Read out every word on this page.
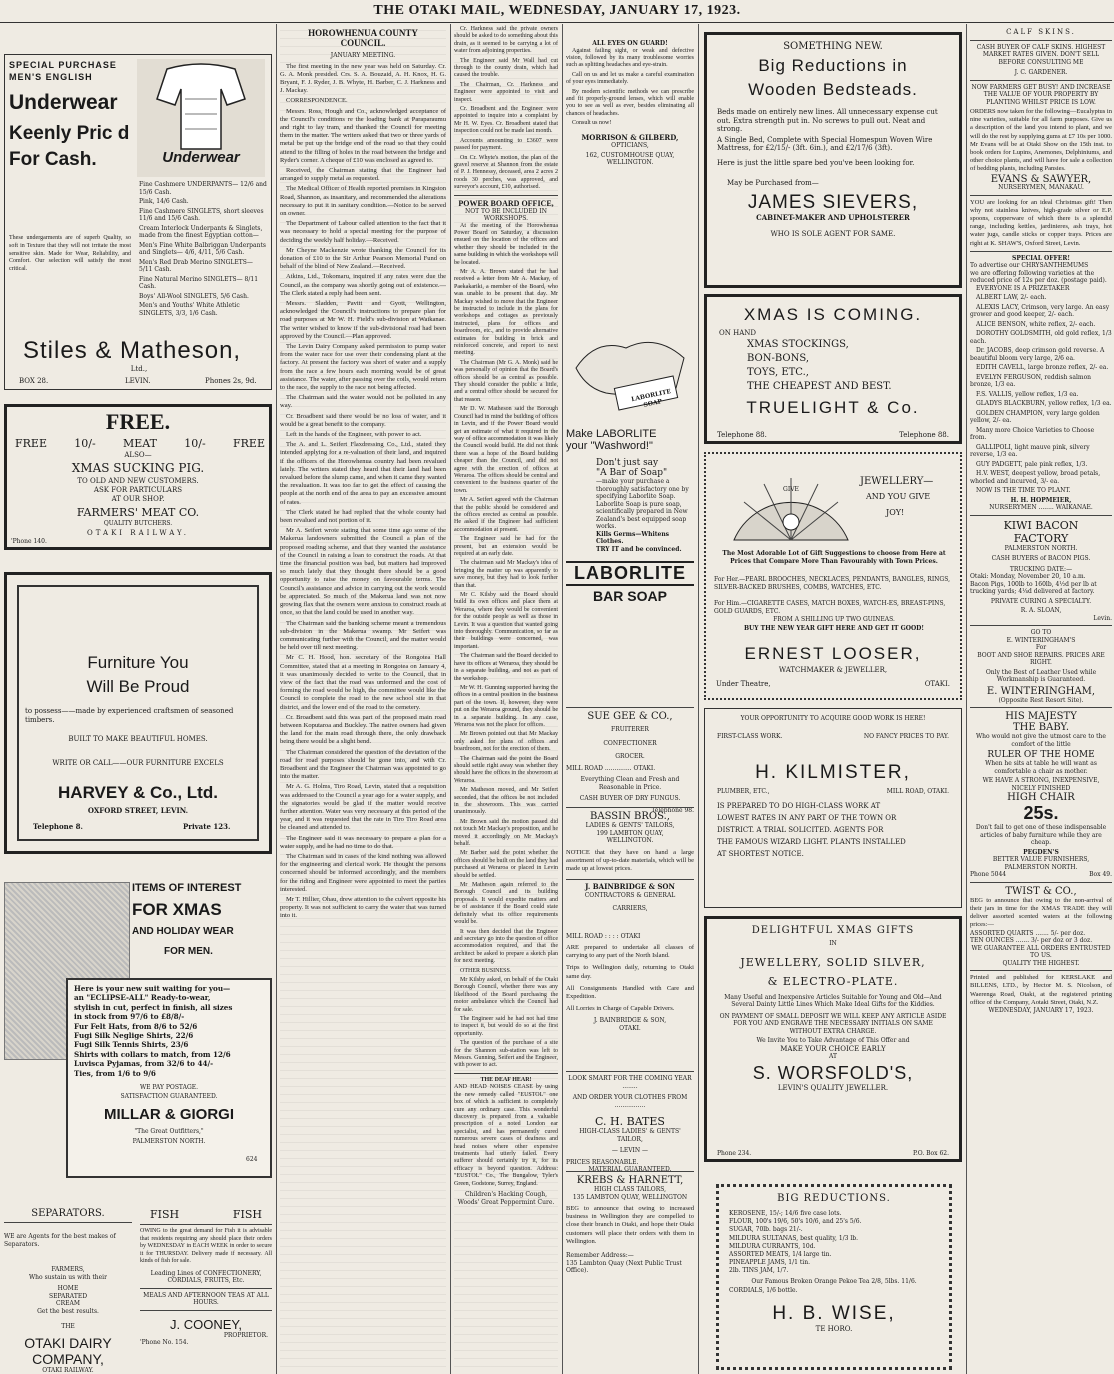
THE OTAKI MAIL, WEDNESDAY, JANUARY 17, 1923.
SPECIAL PURCHASE
MEN'S ENGLISH
Underwear
Keenly Pric d
For Cash.	Underwear
These undergarments are of superb Quality, so soft in Texture that they will not irritate the most sensitive skin. Made for Wear, Reliability, and Comfort. Our selection will satisfy the most critical.

Fine Cashmere UNDERPANTS— 12/6 and 15/6 Cash.

Pink, 14/6 Cash.

Fine Cashmere SINGLETS, short sleeves 11/6 and 15/6 Cash.

Cream Interlock Underpants & Singlets, made from the finest Egyptian cotton—

Men's Fine White Balbriggan Underpants and Singlets— 4/6, 4/11, 5/6 Cash.

Men's Red Drab Merino SINGLETS— 5/11 Cash.

Fine Natural Merino SINGLETS— 8/11 Cash.

Boys' All-Wool SINGLETS, 5/6 Cash.

Men's and Youths' White Athletic SINGLETS, 3/3, 1/6 Cash.

Stiles & Matheson,
Ltd.,
BOX 28.	LEVIN.	Phones 2s, 9d.
FREE.
FREE 10/- MEAT 10/- FREE
ALSO—
XMAS SUCKING PIG.
TO OLD AND NEW CUSTOMERS.
ASK FOR PARTICULARS
AT OUR SHOP.
FARMERS' MEAT CO.
QUALITY BUTCHERS.
OTAKI RAILWAY.
'Phone 140.
Furniture You
Will Be Proud
to possess——made by experienced craftsmen of seasoned timbers.
BUILT TO MAKE BEAUTIFUL HOMES.
WRITE OR CALL——OUR FURNITURE EXCELS
HARVEY & Co., Ltd.
OXFORD STREET, LEVIN.
Telephone 8.	Private 123.
ITEMS OF INTEREST
FOR XMAS
AND HOLIDAY WEAR
FOR MEN.
Here is your new suit waiting for you—
an "ECLIPSE-ALL" Ready-to-wear,
stylish in cut, perfect in finish, all sizes
in stock from 97/6 to £8/8/-
Fur Felt Hats, from 8/6 to 52/6
Fugi Silk Neglige Shirts, 22/6
Fugi Silk Tennis Shirts, 23/6
Shirts with collars to match, from 12/6
Luvisca Pyjamas, from 32/6 to 44/-
Ties, from 1/6 to 9/6
WE PAY POSTAGE.
SATISFACTION GUARANTEED.
MILLAR & GIORGI
"The Great Outfitters,"
PALMERSTON NORTH.
624
SEPARATORS.
WE are Agents for the best makes of Separators.
FARMERS,
Who sustain us with their
HOME
SEPARATED
CREAM
Get the best results.
THE
OTAKI DAIRY
COMPANY,
OTAKI RAILWAY.
FISH	FISH
OWING to the great demand for Fish it is advisable that residents requiring any should place their orders by WEDNESDAY in EACH WEEK in order to secure it for THURSDAY. Delivery made if necessary. All kinds of fish for sale.
Leading Lines of CONFECTIONERY, CORDIALS, FRUITS, Etc.
MEALS AND AFTERNOON TEAS AT ALL HOURS.
J. COONEY,
PROPRIETOR.
'Phone No. 154.
HOROWHENUA COUNTY
COUNCIL.
JANUARY MEETING.

The first meeting in the new year was held on Saturday. Cr. G. A. Monk presided. Crs. S. A. Bouzaid, A. H. Knox, H. G. Bryant, F. J. Ryder, J. B. Whyte, H. Barber, C. J. Harkness and J. Mackay.

CORRESPONDENCE.

Messrs. Ross, Hough and Co., acknowledged acceptance of the Council's conditions re the loading bank at Paraparaumu and right to lay tram, and thanked the Council for meeting them in the matter. The writers asked that two or three yards of metal be put up the bridge end of the road so that they could attend to the filling of holes in the road between the bridge and Ryder's corner. A cheque of £10 was enclosed as agreed to.

Received, the Chairman stating that the Engineer had arranged to supply metal as requested.

The Medical Officer of Health reported premises in Kingston Road, Shannon, as insanitary, and recommended the alterations necessary to put it in sanitary condition.—Notice to be served on owner.

The Department of Labour called attention to the fact that it was necessary to hold a special meeting for the purpose of deciding the weekly half holiday.—Received.

Mr Cheyne Mackenzie wrote thanking the Council for its donation of £10 to the Sir Arthur Pearson Memorial Fund on behalf of the blind of New Zealand.—Received.

Atkins, Ltd., Tokomaru, inquired if any rates were due the Council, as the company was shortly going out of existence.—The Clerk stated a reply had been sent.

Messrs. Sladden, Pavitt and Gyott, Wellington, acknowledged the Council's instructions to prepare plan for road purposes at Mr W. H. Field's sub-division at Waikanae. The writer wished to know if the sub-divisional road had been approved by the Council.—Plan approved.

The Levin Dairy Company asked permission to pump water from the water race for use over their condensing plant at the factory. At present the factory was short of water and a supply from the race a few hours each morning would be of great assistance. The water, after passing over the coils, would return to the race, the supply to the race not being affected.

The Chairman said the water would not be polluted in any way.

Cr. Broadbent said there would be no loss of water, and it would be a great benefit to the company.

Left in the hands of the Engineer, with power to act.

The A. and L. Seifert Flaxdressing Co., Ltd., stated they intended applying for a re-valuation of their land, and inquired if the officers of the Horowhenua country had been revalued lately. The writers stated they heard that their land had been revalued before the slump came, and when it came they wanted the revaluation. It was too far to get the effect of causing the people at the north end of the area to pay an excessive amount of rates.

The Clerk stated he had replied that the whole county had been revalued and not portion of it.

Mr A. Seifert wrote stating that some time ago some of the Makerua landowners submitted the Council a plan of the proposed roading scheme, and that they wanted the assistance of the Council in raising a loan to construct the roads. At that time the financial position was bad, but matters had improved so much lately that they thought there should be a good opportunity to raise the money on favourable terms. The Council's assistance and advice in carrying out the work would be appreciated. So much of the Makerua land was not now growing flax that the owners were anxious to construct roads at once, so that the land could be used in another way.

The Chairman said the banking scheme meant a tremendous sub-division in the Makerua swamp. Mr Seifert was communicating further with the Council, and the matter would be held over till next meeting.

Mr C. H. Hood, hon. secretary of the Rongotea Hall Committee, stated that at a meeting in Rongotea on January 4, it was unanimously decided to write to the Council, that in view of the fact that the road was unformed and the cost of forming the road would be high, the committee would like the Council to complete the road to the new school site in that district, and the lower end of the road to the cemetery.

Cr. Broadbent said this was part of the proposed main road between Koputaroa and Buckley. The native owners had given the land for the main road through there, the only drawback being there would be a slight bend.

The Chairman considered the question of the deviation of the road for road purposes should be gone into, and with Cr. Broadbent and the Engineer the Chairman was appointed to go into the matter.

Mr A. G. Holms, Tiro Road, Levin, stated that a requisition was addressed to the Council a year ago for a water supply, and the signatories would be glad if the matter would receive further attention. Water was very necessary at this period of the year, and it was requested that the rate in Tiro Tiro Road area be cleaned and attended to.

The Engineer said it was necessary to prepare a plan for a water supply, and he had no time to do that.

The Chairman said in cases of the kind nothing was allowed for the engineering and clerical work. He thought the persons concerned should be informed accordingly, and the members for the riding and Engineer were appointed to meet the parties interested.

Mr T. Hillier, Ohau, drew attention to the culvert opposite his property. It was not sufficient to carry the water that was turned into it.

Cr. Harkness said the private owners should be asked to do something about this drain, as it seemed to be carrying a lot of water from adjoining properties.

The Engineer said Mr Wall had cut through to the county drain, which had caused the trouble.

The Chairman, Cr. Harkness and Engineer were appointed to visit and inspect.

Cr. Broadbent and the Engineer were appointed to inquire into a complaint by Mr H. W. Eyes. Cr. Broadbent stated that inspection could not be made last month.

Accounts amounting to £3607 were passed for payment.

On Cr. Whyte's motion, the plan of the gravel reserve at Shannon from the estate of P. J. Hennessy, deceased, area 2 acres 2 roods 30 perches, was approved, and surveyor's account, £10, authorised.

POWER BOARD OFFICE,
NOT TO BE INCLUDED IN WORKSHOPS.

At the meeting of the Horowhenua Power Board on Saturday, a discussion ensued on the location of the offices and whether they should be included in the same building in which the workshops will be located.

Mr A. A. Brown stated that he had received a letter from Mr A. Mackay, of Paekakariki, a member of the Board, who was unable to be present that day. Mr Mackay wished to move that the Engineer be instructed to include in the plans for workshops and cottages as previously instructed, plans for offices and boardroom, etc., and to provide alternative estimates for building in brick and reinforced concrete, and report to next meeting.

The Chairman (Mr G. A. Monk) said he was personally of opinion that the Board's offices should be as central as possible. They should consider the public a little, and a central office should be secured for that reason.

Mr D. W. Matheson said the Borough Council had in mind the building of offices in Levin, and if the Power Board would get an estimate of what it required in the way of office accommodation it was likely the Council would build. He did not think there was a hope of the Board building cheaper than the Council, and did not agree with the erection of offices at Weraroa. The offices should be central and convenient to the business quarter of the town.

Mr A. Seifert agreed with the Chairman that the public should be considered and the offices erected as central as possible. He asked if the Engineer had sufficient accommodation at present.

The Engineer said he had for the present, but an extension would be required at an early date.

The chairman said Mr Mackay's idea of bringing the matter up was apparently to save money, but they had to look further than that.

Mr C. Kilsby said the Board should build its own offices and place them at Weraroa, where they would be convenient for the outside people as well as those in Levin. It was a question that wanted going into thoroughly. Communication, so far as their buildings were concerned, was important.

The Chairman said the Board decided to have its offices at Weraroa, they should be in a separate building, and not as part of the workshop.

Mr W. H. Gunning supported having the offices in a central position in the business part of the town. If, however, they were put on the Weraroa ground, they should be in a separate building. In any case, Weraroa was not the place for offices.

Mr Brown pointed out that Mr Mackay only asked for plans of offices and boardroom, not for the erection of them.

The Chairman said the point the Board should settle right away was whether they should have the offices in the showroom at Weraroa.

Mr Matheson moved, and Mr Seifert seconded, that the offices be not included in the showroom. This was carried unanimously.

Mr Brown said the motion passed did not touch Mr Mackay's proposition, and he moved it accordingly on Mr Mackay's behalf.

Mr Barber said the point whether the offices should be built on the land they had purchased at Weraroa or placed in Levin should be settled.

Mr Matheson again referred to the Borough Council and its building proposals. It would expedite matters and be of assistance if the Board could state definitely what its office requirements would be.

It was then decided that the Engineer and secretary go into the question of office accommodation required, and that the architect be asked to prepare a sketch plan for next meeting.

OTHER BUSINESS.

Mr Kilsby asked, on behalf of the Otaki Borough Council, whether there was any likelihood of the Board purchasing the motor ambulance which the Council had for sale.

The Engineer said he had not had time to inspect it, but would do so at the first opportunity.

The question of the purchase of a site for the Shannon sub-station was left to Messrs. Gunning, Seifert and the Engineer, with power to act.

THE DEAF HEAR!
AND HEAD NOISES CEASE by using the new remedy called "EUSTOL" one box of which is sufficient to completely cure any ordinary case. This wonderful discovery is prepared from a valuable prescription of a noted London ear specialist, and has permanently cured numerous severe cases of deafness and head noises where other expensive treatments had utterly failed. Every sufferer should certainly try it, for its efficacy is beyond question. Address: "EUSTOL" Co., The Bungalow, Tyler's Green, Godstone, Surrey, England.
Children's Hacking Cough, Woods' Great Peppermint Cure.
ALL EYES ON GUARD!

Against failing sight, or weak and defective vision, followed by its many troublesome worries such as splitting headaches and eye-strain.

Call on us and let us make a careful examination of your eyes immediately.

By modern scientific methods we can prescribe and fit properly-ground lenses, which will enable you to see as well as ever, besides eliminating all chances of headaches.

Consult us now!

MORRISON & GILBERD,
OPTICIANS,
162, CUSTOMHOUSE QUAY, WELLINGTON.
LABORLITE SOAP
Make LABORLITE
your "Washword!"
Don't just say
"A Bar of Soap"
—make your purchase a thoroughly satisfactory one by specifying Laborlite Soap. Laborlite Soap is pure soap, scientifically prepared in New Zealand's best equipped soap works.
Kills Germs—Whitens Clothes.
TRY IT and be convinced.
LABORLITE
BAR SOAP
SUE GEE & CO.,
FRUITERER
CONFECTIONER
GROCER.
MILL ROAD .............. OTAKI.
Everything Clean and Fresh and Reasonable in Price.
CASH BUYER OF DRY FUNGUS.
Telephone 98.
BASSIN BROS.,
LADIES & GENTS' TAILORS,
199 LAMBTON QUAY,
WELLINGTON.
NOTICE that they have on hand a large assortment of up-to-date materials, which will be made up at lowest prices.
J. BAINBRIDGE & SON
CONTRACTORS & GENERAL
CARRIERS,
MILL ROAD : : : : OTAKI
ARE prepared to undertake all classes of carrying to any part of the North Island.
Trips to Wellington daily, returning to Otaki same day.
All Consignments Handled with Care and Expedition.
All Lorries in Charge of Capable Drivers.
J. BAINBRIDGE & SON,
OTAKI.
LOOK SMART FOR THE COMING YEAR ........
AND ORDER YOUR CLOTHES FROM ................
C. H. BATES
HIGH-CLASS LADIES' & GENTS' TAILOR,
— LEVIN —
PRICES REASONABLE.
MATERIAL GUARANTEED.
KREBS & HARNETT,
HIGH CLASS TAILORS,
135 LAMBTON QUAY, WELLINGTON
BEG to announce that owing to increased business in Wellington they are compelled to close their branch in Otaki, and hope their Otaki customers will place their orders with them in Wellington.
Remember Address:—
135 Lambton Quay (Next Public Trust Office).
SOMETHING NEW.
Big Reductions in
Wooden Bedsteads.
Beds made on entirely new lines. All unnecessary expense cut out. Extra strength put in. No screws to pull out. Neat and strong.
A Single Bed, Complete with Special Homespun Woven Wire Mattress, for £2/15/- (3ft. 6in.), and £2/17/6 (3ft).
Here is just the little spare bed you've been looking for.
May be Purchased from—
JAMES SIEVERS,
CABINET-MAKER AND UPHOLSTERER
WHO IS SOLE AGENT FOR SAME.
XMAS IS COMING.
ON HAND
XMAS STOCKINGS,
BON-BONS,
TOYS, ETC.,
THE CHEAPEST AND BEST.
TRUELIGHT & Co.
Telephone 88.	Telephone 88.
GIVE
JEWELLERY—
AND YOU GIVE
JOY!
The Most Adorable Lot of Gift Suggestions to choose from Here at Prices that Compare More Than Favourably with Town Prices.
For Her.—PEARL BROOCHES, NECKLACES, PENDANTS, BANGLES, RINGS, SILVER-BACKED BRUSHES, COMBS, WATCHES, ETC.
For Him.—CIGARETTE CASES, MATCH BOXES, WATCH-ES, BREAST-PINS, GOLD GUARDS, ETC.
FROM A SHILLING UP TWO GUINEAS.
BUY THE NEW YEAR GIFT HERE AND GET IT GOOD!
ERNEST LOOSER,
WATCHMAKER & JEWELLER,
Under Theatre,	OTAKI.
YOUR OPPORTUNITY TO ACQUIRE GOOD WORK IS HERE!
FIRST-CLASS WORK.	NO FANCY PRICES TO PAY.
H. KILMISTER,
PLUMBER, ETC.,	MILL ROAD, OTAKI.
IS PREPARED TO DO HIGH-CLASS WORK AT
LOWEST RATES IN ANY PART OF THE TOWN OR
DISTRICT. A TRIAL SOLICITED. AGENTS FOR
THE FAMOUS WIZARD LIGHT. PLANTS INSTALLED
AT SHORTEST NOTICE.
DELIGHTFUL XMAS GIFTS
IN
JEWELLERY, SOLID SILVER,
& ELECTRO-PLATE.
Many Useful and Inexpensive Articles Suitable for Young and Old—And Several Dainty Little Lines Which Make Ideal Gifts for the Kiddies.
ON PAYMENT OF SMALL DEPOSIT WE WILL KEEP ANY ARTICLE ASIDE FOR YOU AND ENGRAVE THE NECESSARY INITIALS ON SAME WITHOUT EXTRA CHARGE.
We Invite You to Take Advantage of This Offer and
MAKE YOUR CHOICE EARLY
AT
S. WORSFOLD'S,
LEVIN'S QUALITY JEWELLER.
Phone 234.	P.O. Box 62.
BIG REDUCTIONS.
KEROSENE, 15/-; 14/6 five case lots.
FLOUR, 100's 19/6, 50's 10/6, and 25's 5/6.
SUGAR, 70lb. bags 21/-.
MILDURA SULTANAS, best quality, 1/3 lb.
MILDURA CURRANTS, 10d.
ASSORTED MEATS, 1/4 large tin.
PINEAPPLE JAMS, 1/1 tin.
2lb. TINS JAM, 1/7.
Our Famous Broken Orange Pekoe Tea 2/8, 5lbs. 11/6.
CORDIALS, 1/6 bottle.
H. B. WISE,
TE HORO.
CALF SKINS.
CASH BUYER OF CALF SKINS. HIGHEST MARKET RATES GIVEN. DON'T SELL BEFORE CONSULTING ME
J. C. GARDENER.
NOW FARMERS GET BUSY! AND INCREASE THE VALUE OF YOUR PROPERTY BY PLANTING WHILST PRICE IS LOW.
ORDERS now taken for the following—Eucalyptus in nine varieties, suitable for all farm purposes. Give us a description of the land you intend to plant, and we will do the rest by supplying gums at £7 10s per 1000. Mr Evans will be at Otaki Show on the 15th inst. to book orders for Lupins, Anemones, Delphiniums, and other choice plants, and will have for sale a collection of bedding plants, including Pansies.
EVANS & SAWYER,
NURSERYMEN, MANAKAU.
YOU are looking for an ideal Christmas gift! Then why not stainless knives, high-grade silver or E.P. spoons, copperware of which there is a splendid range, including kettles, jardinieres, ash trays, hot water jugs, candle sticks or copper trays. Prices are right at K. SHAW'S, Oxford Street, Levin.
SPECIAL OFFER!
To advertise our CHRYSANTHEMUMS
we are offering following varieties at the reduced price of 12s per doz. (postage paid).

EVERYONE IS A PRIZETAKER

ALBERT LAW, 2/- each.

ALEXIS LACY, Crimson, very large. An easy grower and good keeper, 2/- each.

ALICE BENSON, white reflex, 2/- each.

DOROTHY GOLDSMITH, old gold reflex, 1/3 each.

Dr. JACOBS, deep crimson gold reverse. A beautiful bloom very large, 2/6 ea.

EDITH CAVELL, large bronze reflex, 2/- ea.

EVELYN FERGUSON, reddish salmon bronze, 1/3 ea.

F.S. VALLIS, yellow reflex, 1/3 ea.

GLADYS BLACKBURN, yellow reflex, 1/3 ea.

GOLDEN CHAMPION, very large golden yellow, 2/- ea.

Many more Choice Varieties to Choose from.

GALLIPOLI, light mauve pink, silvery reverse, 1/3 ea.

GUY PADGETT, pale pink reflex, 1/3.

H.V. WEST, deepest yellow, broad petals, whorled and incurved, 3/- ea.

NOW IS THE TIME TO PLANT.

H. H. HOPMEIER,
NURSERYMEN ........ WAIKANAE.
KIWI BACON
FACTORY
PALMERSTON NORTH.
CASH BUYERS of BACON PIGS.
TRUCKING DATE:—
Otaki: Monday, November 20, 10 a.m.
Bacon Pigs, 100lb to 160lb, 4½d per lb at trucking yards; 4¼d delivered at factory.
PRIVATE CURING A SPECIALTY.
R. A. SLOAN,
Levin.
GO TO
E. WINTERINGHAM'S
For
BOOT AND SHOE REPAIRS. PRICES ARE RIGHT.
Only the Best of Leather Used while Workmanship is Guaranteed.
E. WINTERINGHAM,
(Opposite Rest Resort Site).
HIS MAJESTY
THE BABY.
Who would not give the utmost care to the comfort of the little
RULER OF THE HOME
When he sits at table he will want as comfortable a chair as mother.
WE HAVE A STRONG, INEXPENSIVE, NICELY FINISHED
HIGH CHAIR
25s.
Don't fail to get one of these indispensable articles of baby furniture while they are cheap.
PEGDEN'S
BETTER VALUE FURNISHERS, PALMERSTON NORTH.
Phone 5044	Box 49.
TWIST & CO.,
BEG to announce that owing to the non-arrival of their jars in time for the XMAS TRADE they will deliver assorted scented waters at the following prices:—
ASSORTED QUARTS ....... 5/- per doz.
TEN OUNCES ....... 3/- per doz or 3 doz.
WE GUARANTEE ALL ORDERS ENTRUSTED TO US.
QUALITY THE HIGHEST.
Printed and published for KERSLAKE and BILLENS, LTD., by Hector M. S. Nicolson, of Waerenga Road, Otaki, at the registered printing office of the Company, Aotaki Street, Otaki, N.Z.
WEDNESDAY, JANUARY 17, 1923.
